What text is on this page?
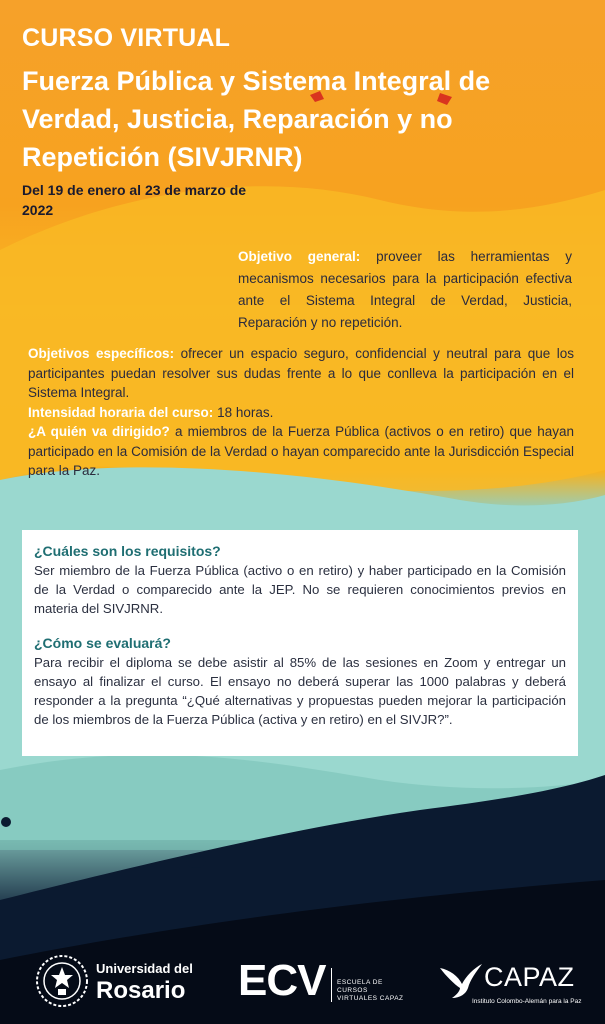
CURSO VIRTUAL
Fuerza Pública y Sistema Integral de Verdad, Justicia, Reparación y no Repetición (SIVJRNR)
Del 19 de enero al 23 de marzo de 2022
Objetivo general: proveer las herramientas y mecanismos necesarios para la participación efectiva ante el Sistema Integral de Verdad, Justicia, Reparación y no repetición.
Objetivos específicos: ofrecer un espacio seguro, confidencial y neutral para que los participantes puedan resolver sus dudas frente a lo que conlleva la participación en el Sistema Integral.
Intensidad horaria del curso: 18 horas.
¿A quién va dirigido? a miembros de la Fuerza Pública (activos o en retiro) que hayan participado en la Comisión de la Verdad o hayan comparecido ante la Jurisdicción Especial para la Paz.

¿Cuáles son los requisitos?

Ser miembro de la Fuerza Pública (activo o en retiro) y haber participado en la Comisión de la Verdad o comparecido ante la JEP. No se requieren conocimientos previos en materia del SIVJRNR.

¿Cómo se evaluará?

Para recibir el diploma se debe asistir al 85% de las sesiones en Zoom y entregar un ensayo al finalizar el curso. El ensayo no deberá superar las 1000 palabras y deberá responder a la pregunta “¿Qué alternativas y propuestas pueden mejorar la participación de los miembros de la Fuerza Pública (activa y en retiro) en el SIVJR?”.

Universidad del
Rosario ECV ESCUELA DE CURSOS VIRTUALES CAPAZ
CAPAZ
Instituto Colombo-Alemán para la Paz
